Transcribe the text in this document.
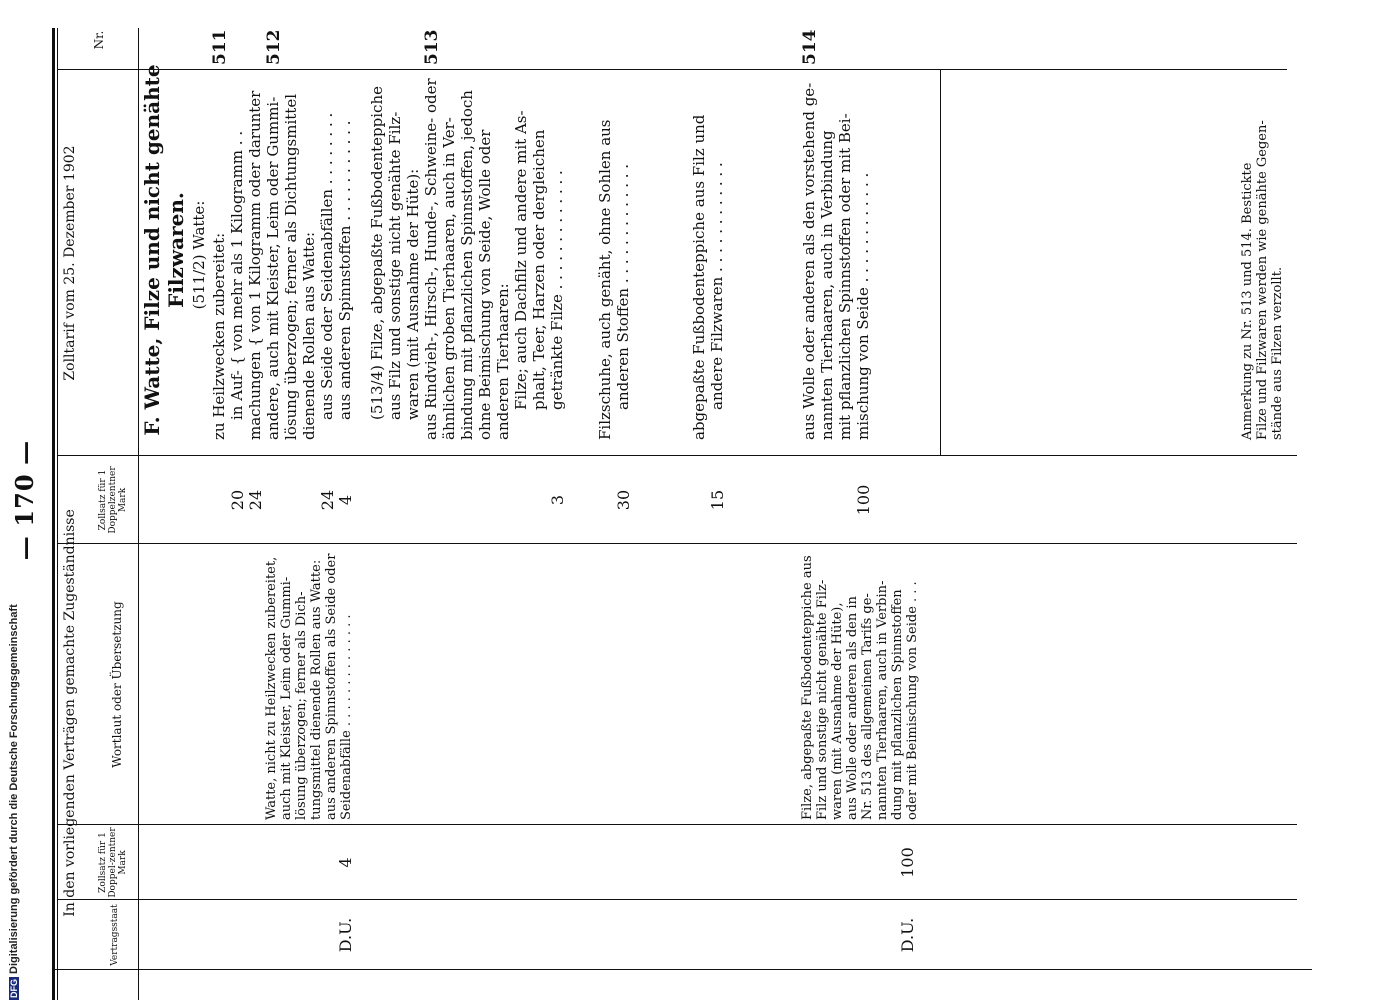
— 170 —
Zolltarif vom 25. Dezember 1902
In den vorliegenden Verträgen gemachte Zugeständnisse
Nr.
Zollsatz für 1 Doppelzentner Mark
Wortlaut oder Übersetzung
Zollsatz für 1 Doppel-zentner Mark
Vertragsstaat
F. Watte, Filze und nicht genähte Filzwaren. (511/2) Watte:
511
zu Heilzwecken zubereitet: in Auf- { von mehr als 1 Kilogramm . .
20
machungen { von 1 Kilogramm oder darunter
24
512
andere, auch mit Kleister, Leim oder Gummi- lösung überzogen; ferner als Dichtungsmittel dienende Rollen aus Watte: aus Seide oder Seidenabfällen . . . . . . . .
24
aus anderen Spinnstoffen . . . . . . . . . . .
4
(513/4) Filze, abgepaßte Fußbodenteppiche aus Filz und sonstige nicht genähte Filz- waren (mit Ausnahme der Hüte):
513
aus Rindvieh-, Hirsch-, Hunde-, Schweine- oder ähnlichen groben Tierhaaren, auch in Ver- bindung mit pflanzlichen Spinnstoffen, jedoch ohne Beimischung von Seide, Wolle oder anderen Tierhaaren: Filze; auch Dachfilz und andere mit As- phalt, Teer, Harzen oder dergleichen getränkte Filze . . . . . . . . . . . . .
3
Filzschuhe, auch genäht, ohne Sohlen aus anderen Stoffen . . . . . . . . . . . . .
30
abgepaßte Fußbodenteppiche aus Filz und andere Filzwaren . . . . . . . . . . . .
15
514
aus Wolle oder anderen als den vorstehend ge- nannten Tierhaaren, auch in Verbindung mit pflanzlichen Spinnstoffen oder mit Bei- mischung von Seide . . . . . . . . . . . .
100
Anmerkung zu Nr. 513 und 514. Bestickte Filze und Filzwaren werden wie genähte Gegen- stände aus Filzen verzollt.
Watte, nicht zu Heilzwecken zubereitet, auch mit Kleister, Leim oder Gummi- lösung überzogen; ferner als Dich- tungsmittel dienende Rollen aus Watte: aus anderen Spinnstoffen als Seide oder Seidenabfälle . . . . . . . . . . . . . .
4
D.U.
Filze, abgepaßte Fußbodenteppiche aus Filz und sonstige nicht genähte Filz- waren (mit Ausnahme der Hüte), aus Wolle oder anderen als den in Nr. 513 des allgemeinen Tarifs ge- nannten Tierhaaren, auch in Verbin- dung mit pflanzlichen Spinnstoffen oder mit Beimischung von Seide . . .
100
D.U.
DFGDigitalisierung gefördert durch die Deutsche Forschungsgemeinschaft
